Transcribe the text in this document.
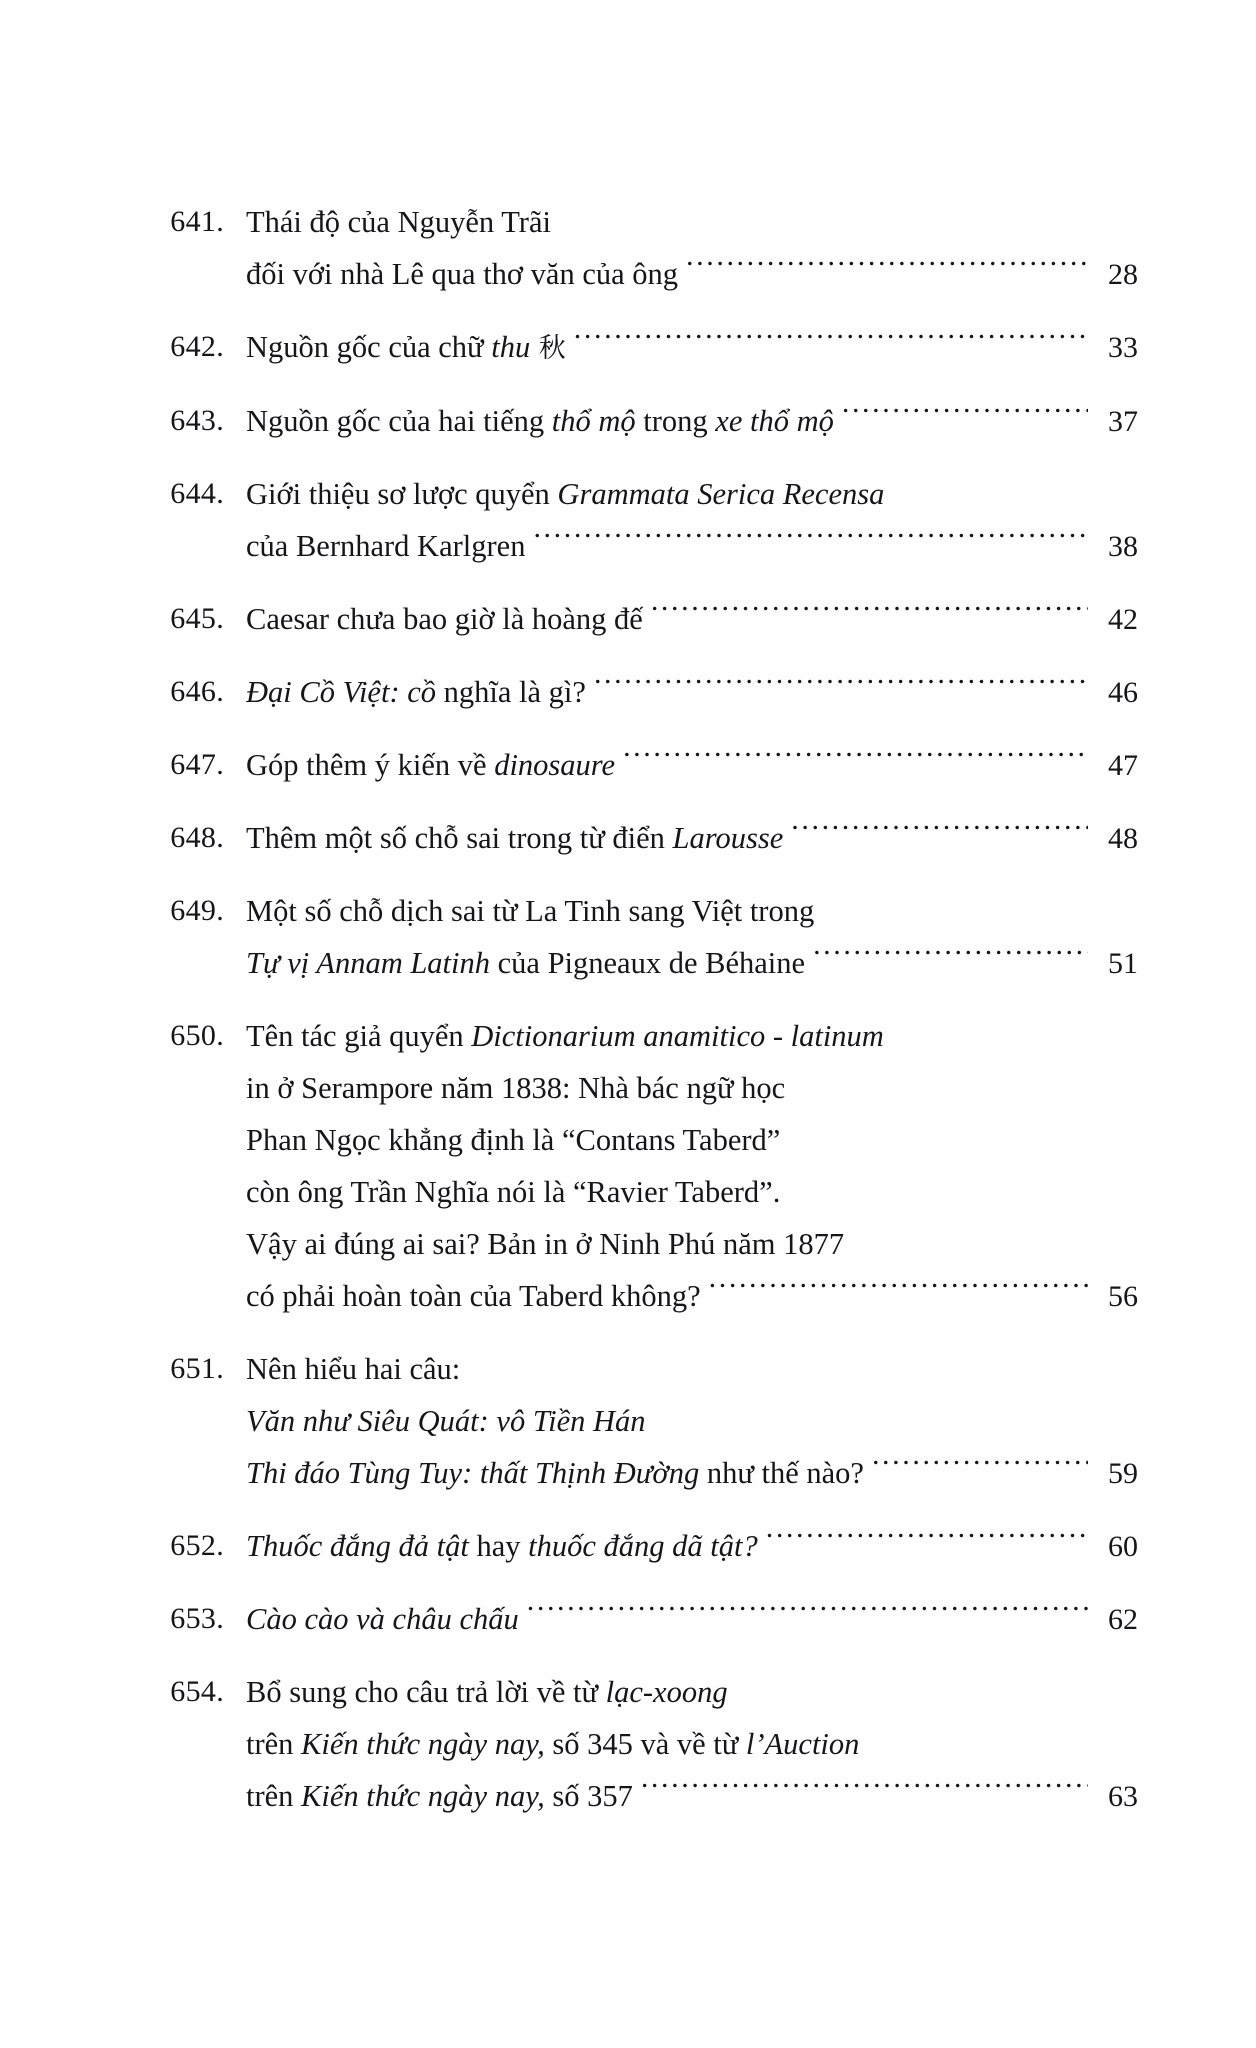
641. Thái độ của Nguyễn Trãi
đối với nhà Lê qua thơ văn của ông .....	28
642. Nguồn gốc của chữ thu 秋 .....	33
643. Nguồn gốc của hai tiếng thổ mộ trong xe thổ mộ .....	37
644. Giới thiệu sơ lược quyển Grammata Serica Recensa
của Bernhard Karlgren .....	38
645. Caesar chưa bao giờ là hoàng đế .....	42
646. Đại Cồ Việt: cồ nghĩa là gì? .....	46
647. Góp thêm ý kiến về dinosaure .....	47
648. Thêm một số chỗ sai trong từ điển Larousse .....	48
649. Một số chỗ dịch sai từ La Tinh sang Việt trong
Tự vị Annam Latinh của Pigneaux de Béhaine .....	51
650. Tên tác giả quyển Dictionarium anamitico - latinum
in ở Serampore năm 1838: Nhà bác ngữ học
Phan Ngọc khẳng định là “Contans Taberd”
còn ông Trần Nghĩa nói là “Ravier Taberd”.
Vậy ai đúng ai sai? Bản in ở Ninh Phú năm 1877
có phải hoàn toàn của Taberd không? .....	56
651. Nên hiểu hai câu:
Văn như Siêu Quát: vô Tiền Hán
Thi đáo Tùng Tuy: thất Thịnh Đường như thế nào? .....	59
652. Thuốc đắng đả tật hay thuốc đắng dã tật? .....	60
653. Cào cào và châu chấu .....	62
654. Bổ sung cho câu trả lời về từ lạc-xoong
trên Kiến thức ngày nay, số 345 và về từ l’Auction
trên Kiến thức ngày nay, số 357 .....	63
